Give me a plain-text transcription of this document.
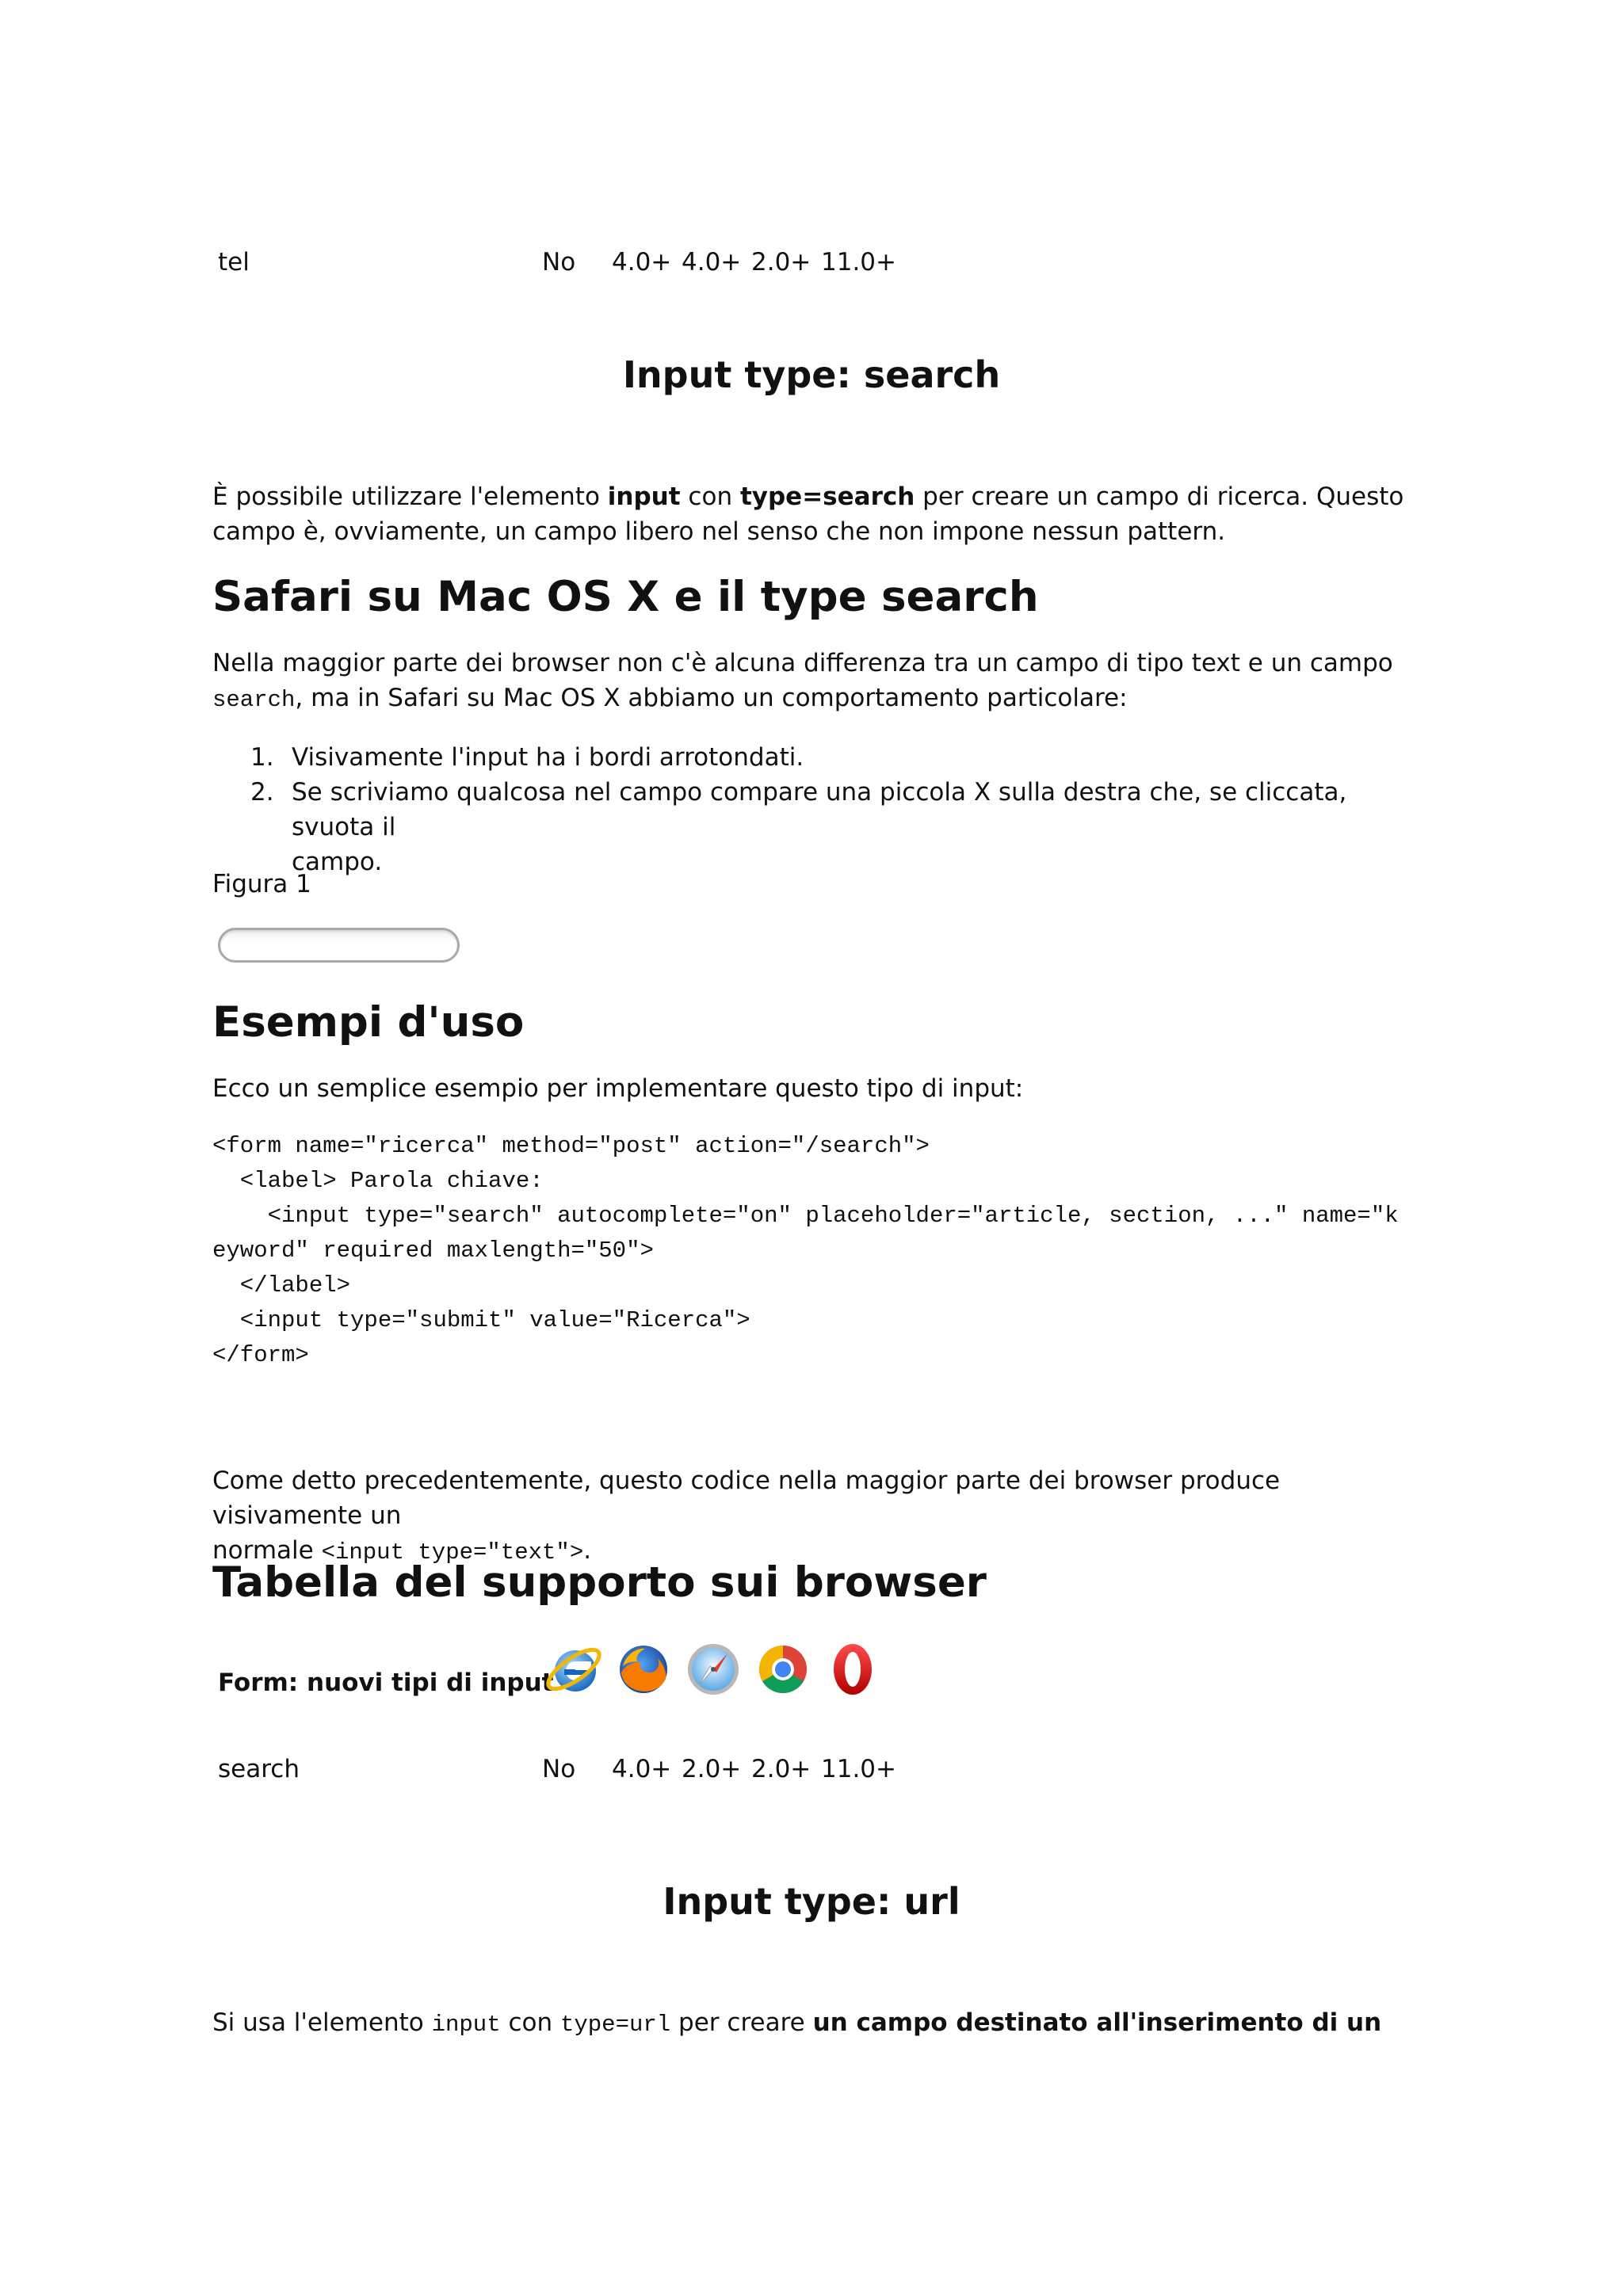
tel	No 4.0+ 4.0+ 2.0+ 11.0+
Input type: search
È possibile utilizzare l'elemento input con type=search per creare un campo di ricerca. Questo
campo è, ovviamente, un campo libero nel senso che non impone nessun pattern.
Safari su Mac OS X e il type search
Nella maggior parte dei browser non c'è alcuna differenza tra un campo di tipo text e un campo
search, ma in Safari su Mac OS X abbiamo un comportamento particolare:
1. Visivamente l'input ha i bordi arrotondati.
2. Se scriviamo qualcosa nel campo compare una piccola X sulla destra che, se cliccata, svuota il
campo.
Figura 1
Esempi d'uso
Ecco un semplice esempio per implementare questo tipo di input:
<form name="ricerca" method="post" action="/search">
<label> Parola chiave:
<input type="search" autocomplete="on" placeholder="article, section, ..." name="k
eyword" required maxlength="50">
</label>
<input type="submit" value="Ricerca">
</form>
Come detto precedentemente, questo codice nella maggior parte dei browser produce visivamente un
normale <input type="text">.
Tabella del supporto sui browser
Form: nuovi tipi di input
search	No 4.0+ 2.0+ 2.0+ 11.0+
Input type: url
Si usa l'elemento input con type=url per creare un campo destinato all'inserimento di un
